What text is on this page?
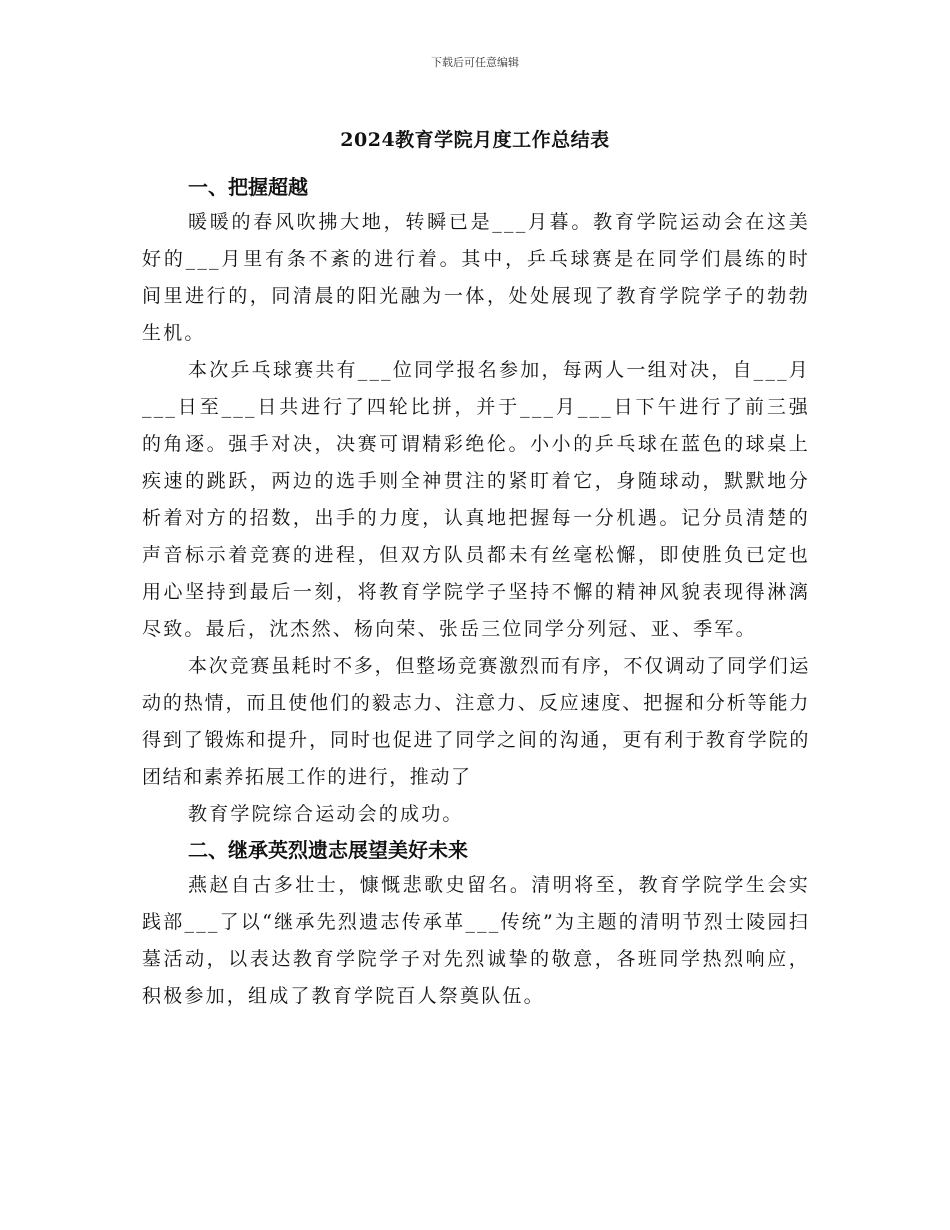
下载后可任意编辑
2024教育学院月度工作总结表

一、把握超越

暖暖的春风吹拂大地，转瞬已是___月暮。教育学院运动会在这美好的___月里有条不紊的进行着。其中，乒乓球赛是在同学们晨练的时间里进行的，同清晨的阳光融为一体，处处展现了教育学院学子的勃勃生机。

本次乒乓球赛共有___位同学报名参加，每两人一组对决，自___月___日至___日共进行了四轮比拼，并于___月___日下午进行了前三强的角逐。强手对决，决赛可谓精彩绝伦。小小的乒乓球在蓝色的球桌上疾速的跳跃，两边的选手则全神贯注的紧盯着它，身随球动，默默地分析着对方的招数，出手的力度，认真地把握每一分机遇。记分员清楚的声音标示着竞赛的进程，但双方队员都未有丝毫松懈，即使胜负已定也用心坚持到最后一刻，将教育学院学子坚持不懈的精神风貌表现得淋漓尽致。最后，沈杰然、杨向荣、张岳三位同学分列冠、亚、季军。

本次竞赛虽耗时不多，但整场竞赛激烈而有序，不仅调动了同学们运动的热情，而且使他们的毅志力、注意力、反应速度、把握和分析等能力得到了锻炼和提升，同时也促进了同学之间的沟通，更有利于教育学院的团结和素养拓展工作的进行，推动了

教育学院综合运动会的成功。

二、继承英烈遗志展望美好未来

燕赵自古多壮士，慷慨悲歌史留名。清明将至，教育学院学生会实践部___了以“继承先烈遗志传承革___传统”为主题的清明节烈士陵园扫墓活动，以表达教育学院学子对先烈诚挚的敬意，各班同学热烈响应，积极参加，组成了教育学院百人祭奠队伍。
